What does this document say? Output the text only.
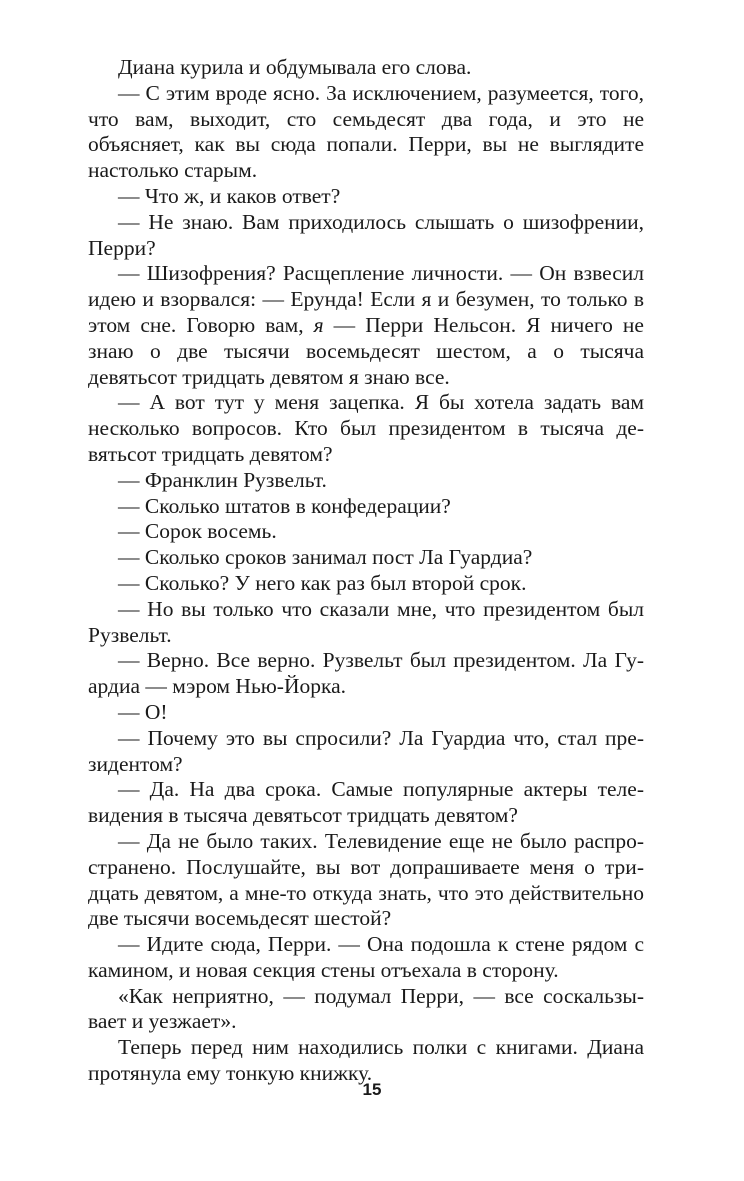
Диана курила и обдумывала его слова.

— С этим вроде ясно. За исключением, разумеется, того, что вам, выходит, сто семьдесят два года, и это не объясняет, как вы сюда попали. Перри, вы не выглядите настолько старым.

— Что ж, и каков ответ?

— Не знаю. Вам приходилось слышать о шизофрении, Перри?

— Шизофрения? Расщепление личности. — Он взвесил идею и взорвался: — Ерунда! Если я и безумен, то только в этом сне. Говорю вам, я — Перри Нельсон. Я ничего не знаю о две тысячи восемьдесят шестом, а о тысяча девятьсот тридцать девятом я знаю все.

— А вот тут у меня зацепка. Я бы хотела задать вам несколько вопросов. Кто был президентом в тысяча девятьсот тридцать девятом?

— Франклин Рузвельт.

— Сколько штатов в конфедерации?

— Сорок восемь.

— Сколько сроков занимал пост Ла Гуардиа?

— Сколько? У него как раз был второй срок.

— Но вы только что сказали мне, что президентом был Рузвельт.

— Верно. Все верно. Рузвельт был президентом. Ла Гуардиа — мэром Нью-Йорка.

— О!

— Почему это вы спросили? Ла Гуардиа что, стал президентом?

— Да. На два срока. Самые популярные актеры телевидения в тысяча девятьсот тридцать девятом?

— Да не было таких. Телевидение еще не было распространено. Послушайте, вы вот допрашиваете меня о тридцать девятом, а мне-то откуда знать, что это действительно две тысячи восемьдесят шестой?

— Идите сюда, Перри. — Она подошла к стене рядом с камином, и новая секция стены отъехала в сторону.

«Как неприятно, — подумал Перри, — все соскальзывает и уезжает».

Теперь перед ним находились полки с книгами. Диана протянула ему тонкую книжку.

15
